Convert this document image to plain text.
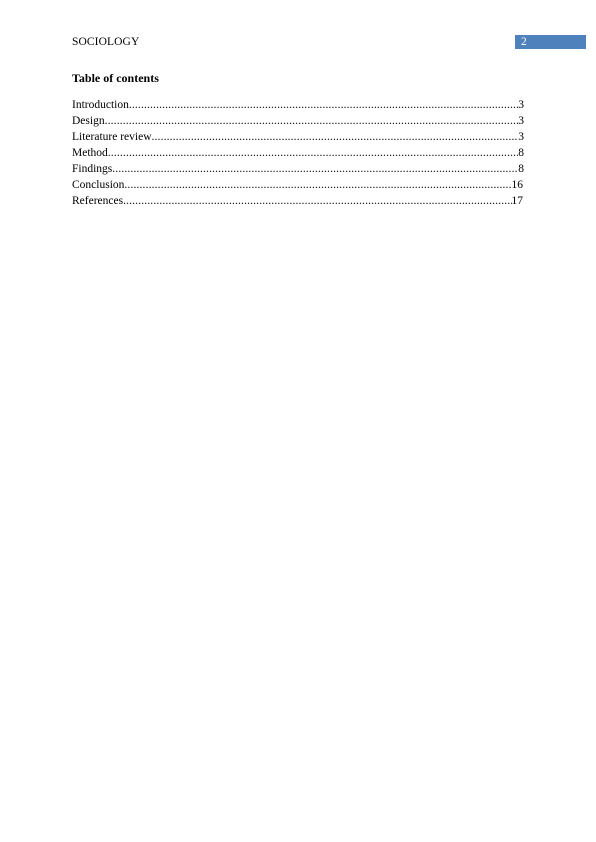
SOCIOLOGY	2
Table of contents
Introduction .....	3
Design .....	3
Literature review .....	3
Method .....	8
Findings .....	8
Conclusion .....	16
References .....	17
